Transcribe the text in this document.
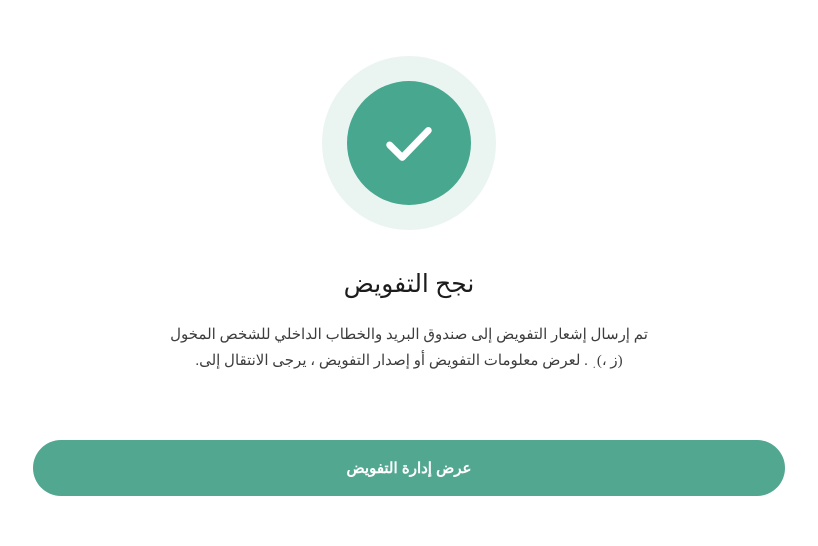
نجح التفويض
تم إرسال إشعار التفويض إلى صندوق البريد والخطاب الداخلي للشخص المخول
(ز ،)﮳ . لعرض معلومات التفويض أو إصدار التفويض ، يرجى الانتقال إلى.
عرض إدارة التفويض
